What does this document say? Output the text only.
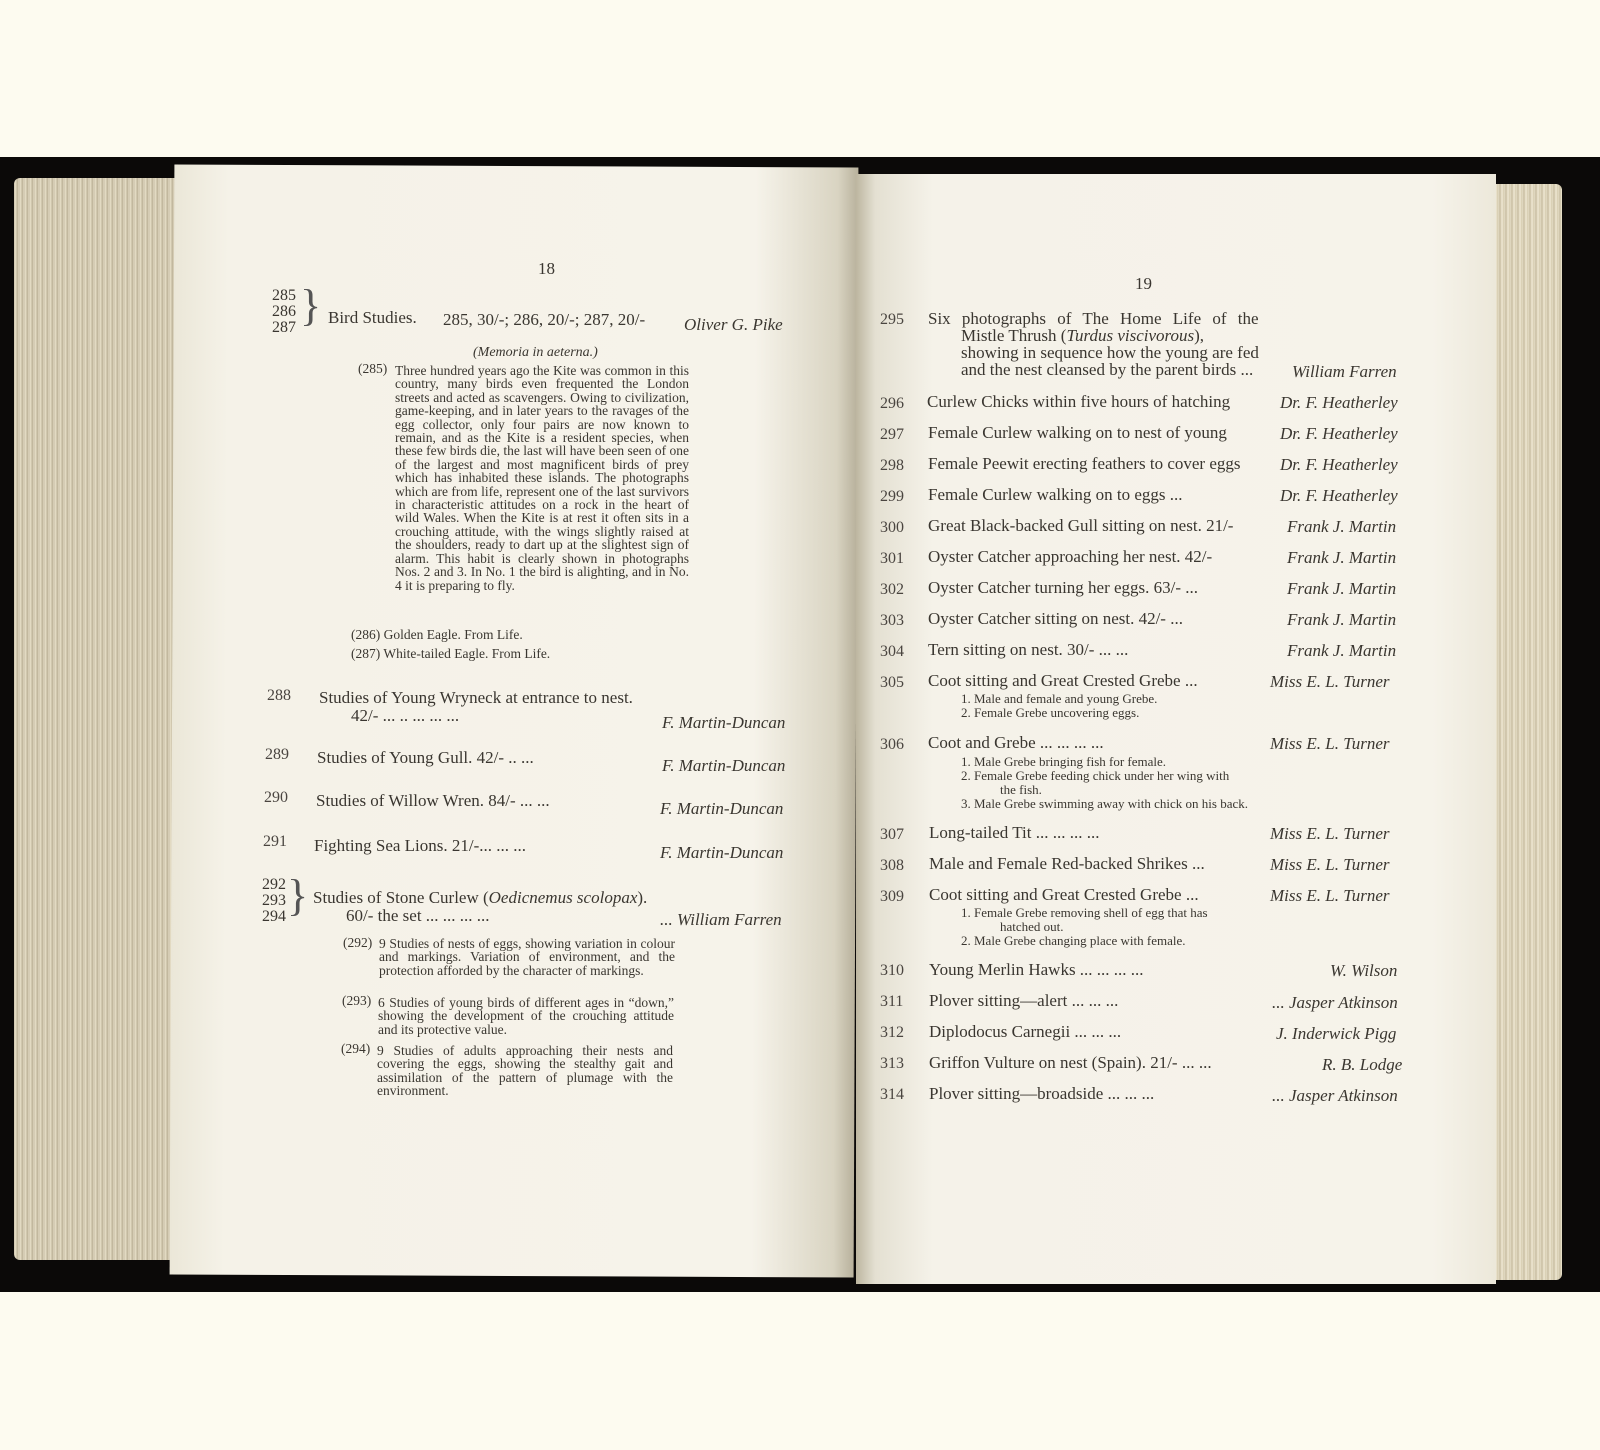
18
285
286
287 } Bird Studies. 285, 30/-; 286, 20/-; 287, 20/- Oliver G. Pike
(Memoria in aeterna.)
(285) Three hundred years ago the Kite was common in this country, many birds even frequented the London streets and acted as scavengers. Owing to civilization, game-keeping, and in later years to the ravages of the egg collector, only four pairs are now known to remain, and as the Kite is a resident species, when these few birds die, the last will have been seen of one of the largest and most magnificent birds of prey which has inhabited these islands. The photographs which are from life, represent one of the last survivors in characteristic attitudes on a rock in the heart of wild Wales. When the Kite is at rest it often sits in a crouching attitude, with the wings slightly raised at the shoulders, ready to dart up at the slightest sign of alarm. This habit is clearly shown in photographs Nos. 2 and 3. In No. 1 the bird is alighting, and in No. 4 it is preparing to fly.
(286) Golden Eagle. From Life.
(287) White-tailed Eagle. From Life.
288 Studies of Young Wryneck at entrance to nest.
42/- ... .. ... ... ...	F. Martin-Duncan
289 Studies of Young Gull. 42/- .. ...	F. Martin-Duncan
290 Studies of Willow Wren. 84/- ... ...	F. Martin-Duncan
291 Fighting Sea Lions. 21/-... ... ...	F. Martin-Duncan
292
293
294 } Studies of Stone Curlew (Oedicnemus scolopax).
60/- the set ... ... ... ...	... William Farren
(292) 9 Studies of nests of eggs, showing variation in colour and markings. Variation of environment, and the protection afforded by the character of markings.
(293) 6 Studies of young birds of different ages in “down,” showing the development of the crouching attitude and its protective value.
(294) 9 Studies of adults approaching their nests and covering the eggs, showing the stealthy gait and assimilation of the pattern of plumage with the environment.
19
295 Six photographs of The Home Life of the
Mistle Thrush (Turdus viscivorous),
showing in sequence how the young are fed
and the nest cleansed by the parent birds ... William Farren
296 Curlew Chicks within five hours of hatching	Dr. F. Heatherley
297 Female Curlew walking on to nest of young	Dr. F. Heatherley
298 Female Peewit erecting feathers to cover eggs Dr. F. Heatherley
299 Female Curlew walking on to eggs ...	Dr. F. Heatherley
300 Great Black-backed Gull sitting on nest. 21/-	Frank J. Martin
301 Oyster Catcher approaching her nest. 42/-	Frank J. Martin
302 Oyster Catcher turning her eggs. 63/- ...	Frank J. Martin
303 Oyster Catcher sitting on nest. 42/- ...	Frank J. Martin
304 Tern sitting on nest. 30/- ... ...	Frank J. Martin
305 Coot sitting and Great Crested Grebe ...	Miss E. L. Turner
1. Male and female and young Grebe.
2. Female Grebe uncovering eggs.
306 Coot and Grebe ... ... ... ...	Miss E. L. Turner
1. Male Grebe bringing fish for female.
2. Female Grebe feeding chick under her wing with
the fish.
3. Male Grebe swimming away with chick on his back.
307 Long-tailed Tit ... ... ... ...	Miss E. L. Turner
308 Male and Female Red-backed Shrikes ...	Miss E. L. Turner
309 Coot sitting and Great Crested Grebe ...	Miss E. L. Turner
1. Female Grebe removing shell of egg that has
hatched out.
2. Male Grebe changing place with female.
310 Young Merlin Hawks ... ... ... ...	W. Wilson
311 Plover sitting—alert ... ... ...	... Jasper Atkinson
312 Diplodocus Carnegii ... ... ...	J. Inderwick Pigg
313 Griffon Vulture on nest (Spain). 21/- ... ...	R. B. Lodge
314 Plover sitting—broadside ... ... ...	... Jasper Atkinson
